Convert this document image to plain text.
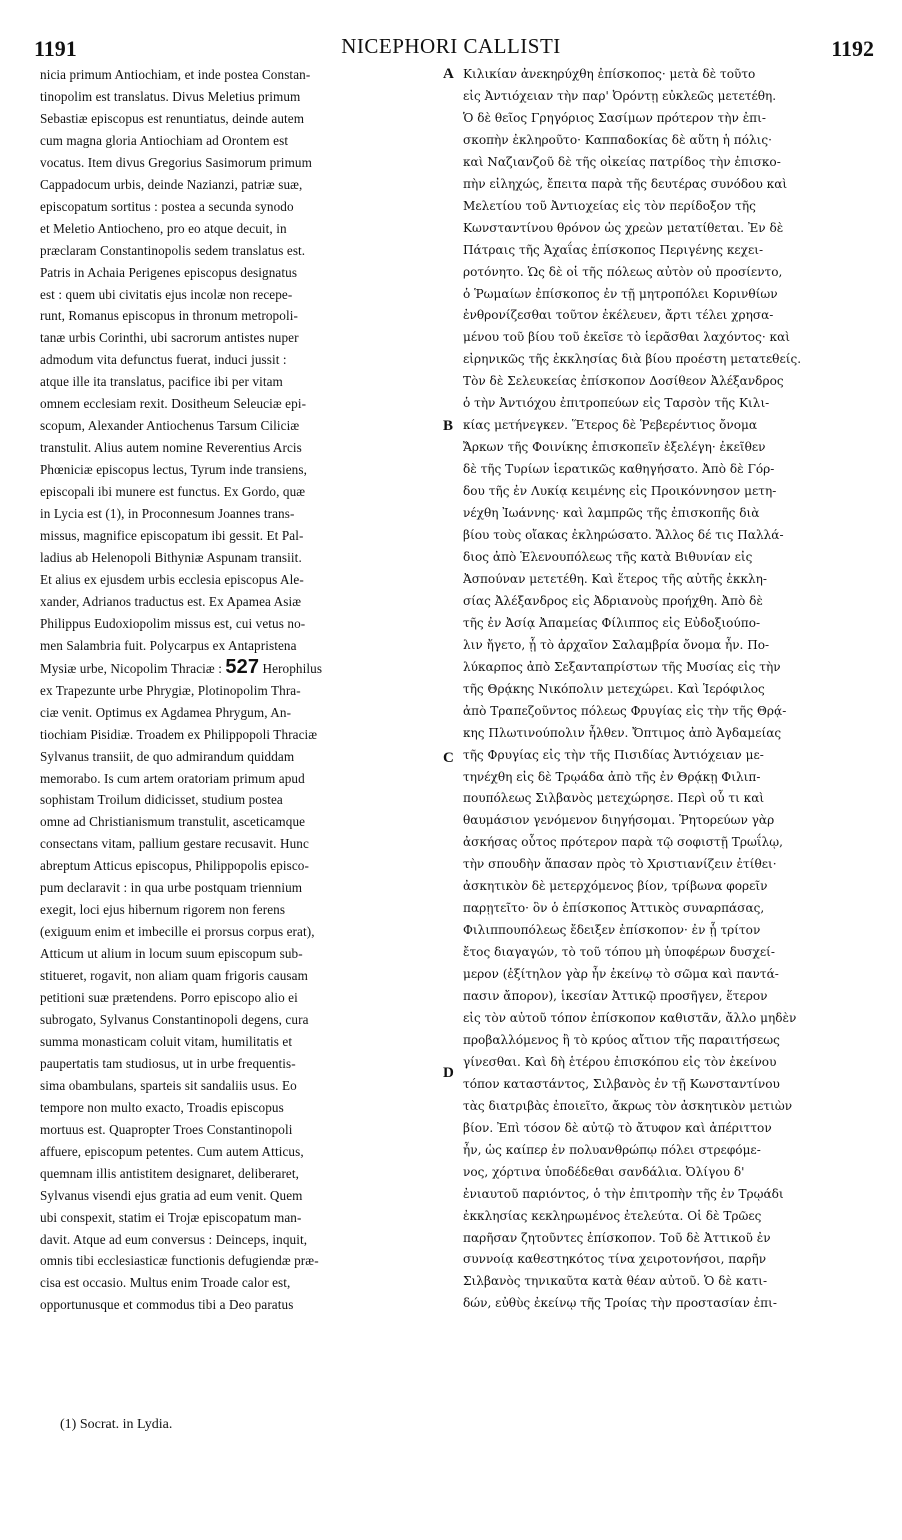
1191	NICEPHORI CALLISTI	1192
nicia primum Antiochiam, et inde postea Constan-
tinopolim est translatus. Divus Meletius primum
Sebastiæ episcopus est renuntiatus, deinde autem
cum magna gloria Antiochiam ad Orontem est
vocatus. Item divus Gregorius Sasimorum primum
Cappadocum urbis, deinde Nazianzi, patriæ suæ,
episcopatum sortitus : postea a secunda synodo
et Meletio Antiocheno, pro eo atque decuit, in
præclaram Constantinopolis sedem translatus est.
Patris in Achaia Perigenes episcopus designatus
est : quem ubi civitatis ejus incolæ non recepe-
runt, Romanus episcopus in thronum metropoli-
tanæ urbis Corinthi, ubi sacrorum antistes nuper
admodum vita defunctus fuerat, induci jussit :
atque ille ita translatus, pacifice ibi per vitam
omnem ecclesiam rexit. Dositheum Seleuciæ epi-
scopum, Alexander Antiochenus Tarsum Ciliciæ
transtulit. Alius autem nomine Reverentius Arcis
Phœniciæ episcopus lectus, Tyrum inde transiens,
episcopali ibi munere est functus. Ex Gordo, quæ
in Lycia est (1), in Proconnesum Joannes trans-
missus, magnifice episcopatum ibi gessit. Et Pal-
ladius ab Helenopoli Bithyniæ Aspunam transiit.
Et alius ex ejusdem urbis ecclesia episcopus Ale-
xander, Adrianos traductus est. Ex Apamea Asiæ
Philippus Eudoxiopolim missus est, cui vetus no-
men Salambria fuit. Polycarpus ex Antapristena
Mysiæ urbe, Nicopolim Thraciæ : 527 Herophilus
ex Trapezunte urbe Phrygiæ, Plotinopolim Thra-
ciæ venit. Optimus ex Agdamea Phrygum, An-
tiochiam Pisidiæ. Troadem ex Philippopoli Thraciæ
Sylvanus transiit, de quo admirandum quiddam
memorabo. Is cum artem oratoriam primum apud
sophistam Troilum didicisset, studium postea
omne ad Christianismum transtulit, asceticamque
consectans vitam, pallium gestare recusavit. Hunc
abreptum Atticus episcopus, Philippopolis episco-
pum declaravit : in qua urbe postquam triennium
exegit, loci ejus hibernum rigorem non ferens
(exiguum enim et imbecille ei prorsus corpus erat),
Atticum ut alium in locum suum episcopum sub-
stitueret, rogavit, non aliam quam frigoris causam
petitioni suæ prætendens. Porro episcopo alio ei
subrogato, Sylvanus Constantinopoli degens, cura
summa monasticam coluit vitam, humilitatis et
paupertatis tam studiosus, ut in urbe frequentis-
sima obambulans, sparteis sit sandaliis usus. Eo
tempore non multo exacto, Troadis episcopus
mortuus est. Quapropter Troes Constantinopoli
affuere, episcopum petentes. Cum autem Atticus,
quemnam illis antistitem designaret, deliberaret,
Sylvanus visendi ejus gratia ad eum venit. Quem
ubi conspexit, statim ei Trojæ episcopatum man-
davit. Atque ad eum conversus : Deinceps, inquit,
omnis tibi ecclesiasticæ functionis defugiendæ præ-
cisa est occasio. Multus enim Troade calor est,
opportunusque et commodus tibi a Deo paratus
Κιλικίαν ἀνεκηρύχθη ἐπίσκοπος· μετὰ δὲ τοῦτο
εἰς Ἀντιόχειαν τὴν παρ' Ὀρόντῃ εὐκλεῶς μετετέθη.
Ὁ δὲ θεῖος Γρηγόριος Σασίμων πρότερον τὴν ἐπι-
σκοπὴν ἐκληροῦτο· Καππαδοκίας δὲ αὕτη ἡ πόλις·
καὶ Ναζιανζοῦ δὲ τῆς οἰκείας πατρίδος τὴν ἐπισκο-
πὴν εἰληχώς, ἔπειτα παρὰ τῆς δευτέρας συνόδου καὶ
Μελετίου τοῦ Ἀντιοχείας εἰς τὸν περίδοξον τῆς
Κωνσταντίνου θρόνον ὡς χρεὼν μετατίθεται. Ἐν δὲ
Πάτραις τῆς Ἀχαΐας ἐπίσκοπος Περιγένης κεχει-
ροτόνητο. Ὡς δὲ οἱ τῆς πόλεως αὐτὸν οὐ προσίεντο,
ὁ Ῥωμαίων ἐπίσκοπος ἐν τῇ μητροπόλει Κορινθίων
ἐνθρονίζεσθαι τοῦτον ἐκέλευεν, ἄρτι τέλει χρησα-
μένου τοῦ βίου τοῦ ἐκεῖσε τὸ ἱερᾶσθαι λαχόντος· καὶ
εἰρηνικῶς τῆς ἐκκλησίας διὰ βίου προέστη μετατεθείς.
Τὸν δὲ Σελευκείας ἐπίσκοπον Δοσίθεον Ἀλέξανδρος
ὁ τὴν Ἀντιόχου ἐπιτροπεύων εἰς Ταρσὸν τῆς Κιλι-
κίας μετήνεγκεν. Ἕτερος δὲ Ῥεβερέντιος ὄνομα
Ἄρκων τῆς Φοινίκης ἐπισκοπεῖν ἐξελέγη· ἐκεῖθεν
δὲ τῆς Τυρίων ἱερατικῶς καθηγήσατο. Ἀπὸ δὲ Γόρ-
δου τῆς ἐν Λυκίᾳ κειμένης εἰς Προικόννησον μετη-
νέχθη Ἰωάννης· καὶ λαμπρῶς τῆς ἐπισκοπῆς διὰ
βίου τοὺς οἴακας ἐκληρώσατο. Ἄλλος δέ τις Παλλά-
διος ἀπὸ Ἑλενουπόλεως τῆς κατὰ Βιθυνίαν εἰς
Ἀσπούναν μετετέθη. Καὶ ἕτερος τῆς αὐτῆς ἐκκλη-
σίας Ἀλέξανδρος εἰς Ἀδριανοὺς προήχθη. Ἀπὸ δὲ
τῆς ἐν Ἀσίᾳ Ἀπαμείας Φίλιππος εἰς Εὐδοξιούπο-
λιν ἤγετο, ᾗ τὸ ἀρχαῖον Σαλαμβρία ὄνομα ἦν. Πο-
λύκαρπος ἀπὸ Σεξανταπρίστων τῆς Μυσίας εἰς τὴν
τῆς Θρᾴκης Νικόπολιν μετεχώρει. Καὶ Ἱερόφιλος
ἀπὸ Τραπεζοῦντος πόλεως Φρυγίας εἰς τὴν τῆς Θρᾴ-
κης Πλωτινούπολιν ἦλθεν. Ὄπτιμος ἀπὸ Ἀγδαμείας
τῆς Φρυγίας εἰς τὴν τῆς Πισιδίας Ἀντιόχειαν με-
τηνέχθη εἰς δὲ Τρῳάδα ἀπὸ τῆς ἐν Θρᾴκῃ Φιλιπ-
πουπόλεως Σιλβανὸς μετεχώρησε. Περὶ οὗ τι καὶ
θαυμάσιον γενόμενον διηγήσομαι. Ῥητορεύων γὰρ
ἀσκήσας οὗτος πρότερον παρὰ τῷ σοφιστῇ Τρωΐλῳ,
τὴν σπουδὴν ἅπασαν πρὸς τὸ Χριστιανίζειν ἐτίθει·
ἀσκητικὸν δὲ μετερχόμενος βίον, τρίβωνα φορεῖν
παρῃτεῖτο· ὃν ὁ ἐπίσκοπος Ἀττικὸς συναρπάσας,
Φιλιππουπόλεως ἔδειξεν ἐπίσκοπον· ἐν ᾗ τρίτον
ἔτος διαγαγών, τὸ τοῦ τόπου μὴ ὑποφέρων δυσχεί-
μερον (ἐξίτηλον γὰρ ἦν ἐκείνῳ τὸ σῶμα καὶ παντά-
πασιν ἄπορον), ἱκεσίαν Ἀττικῷ προσῆγεν, ἕτερον
εἰς τὸν αὐτοῦ τόπον ἐπίσκοπον καθιστᾶν, ἄλλο μηδὲν
προβαλλόμενος ἢ τὸ κρύος αἴτιον τῆς παραιτήσεως
γίνεσθαι. Καὶ δὴ ἑτέρου ἐπισκόπου εἰς τὸν ἐκείνου
τόπον καταστάντος, Σιλβανὸς ἐν τῇ Κωνσταντίνου
τὰς διατριβὰς ἐποιεῖτο, ἄκρως τὸν ἀσκητικὸν μετιὼν
βίον. Ἐπὶ τόσον δὲ αὐτῷ τὸ ἄτυφον καὶ ἀπέριττον
ἦν, ὡς καίπερ ἐν πολυανθρώπῳ πόλει στρεφόμε-
νος, χόρτινα ὑποδέδεθαι σανδάλια. Ὀλίγου δ'
ἐνιαυτοῦ παριόντος, ὁ τὴν ἐπιτροπὴν τῆς ἐν Τρῳάδι
ἐκκλησίας κεκληρωμένος ἐτελεύτα. Οἱ δὲ Τρῶες
παρῆσαν ζητοῦντες ἐπίσκοπον. Τοῦ δὲ Ἀττικοῦ ἐν
συννοίᾳ καθεστηκότος τίνα χειροτονήσοι, παρῆν
Σιλβανὸς τηνικαῦτα κατὰ θέαν αὐτοῦ. Ὁ δὲ κατι-
δών, εὐθὺς ἐκείνῳ τῆς Τροίας τὴν προστασίαν ἐπι-
A
B
C
D
(1) Socrat. in Lydia.
